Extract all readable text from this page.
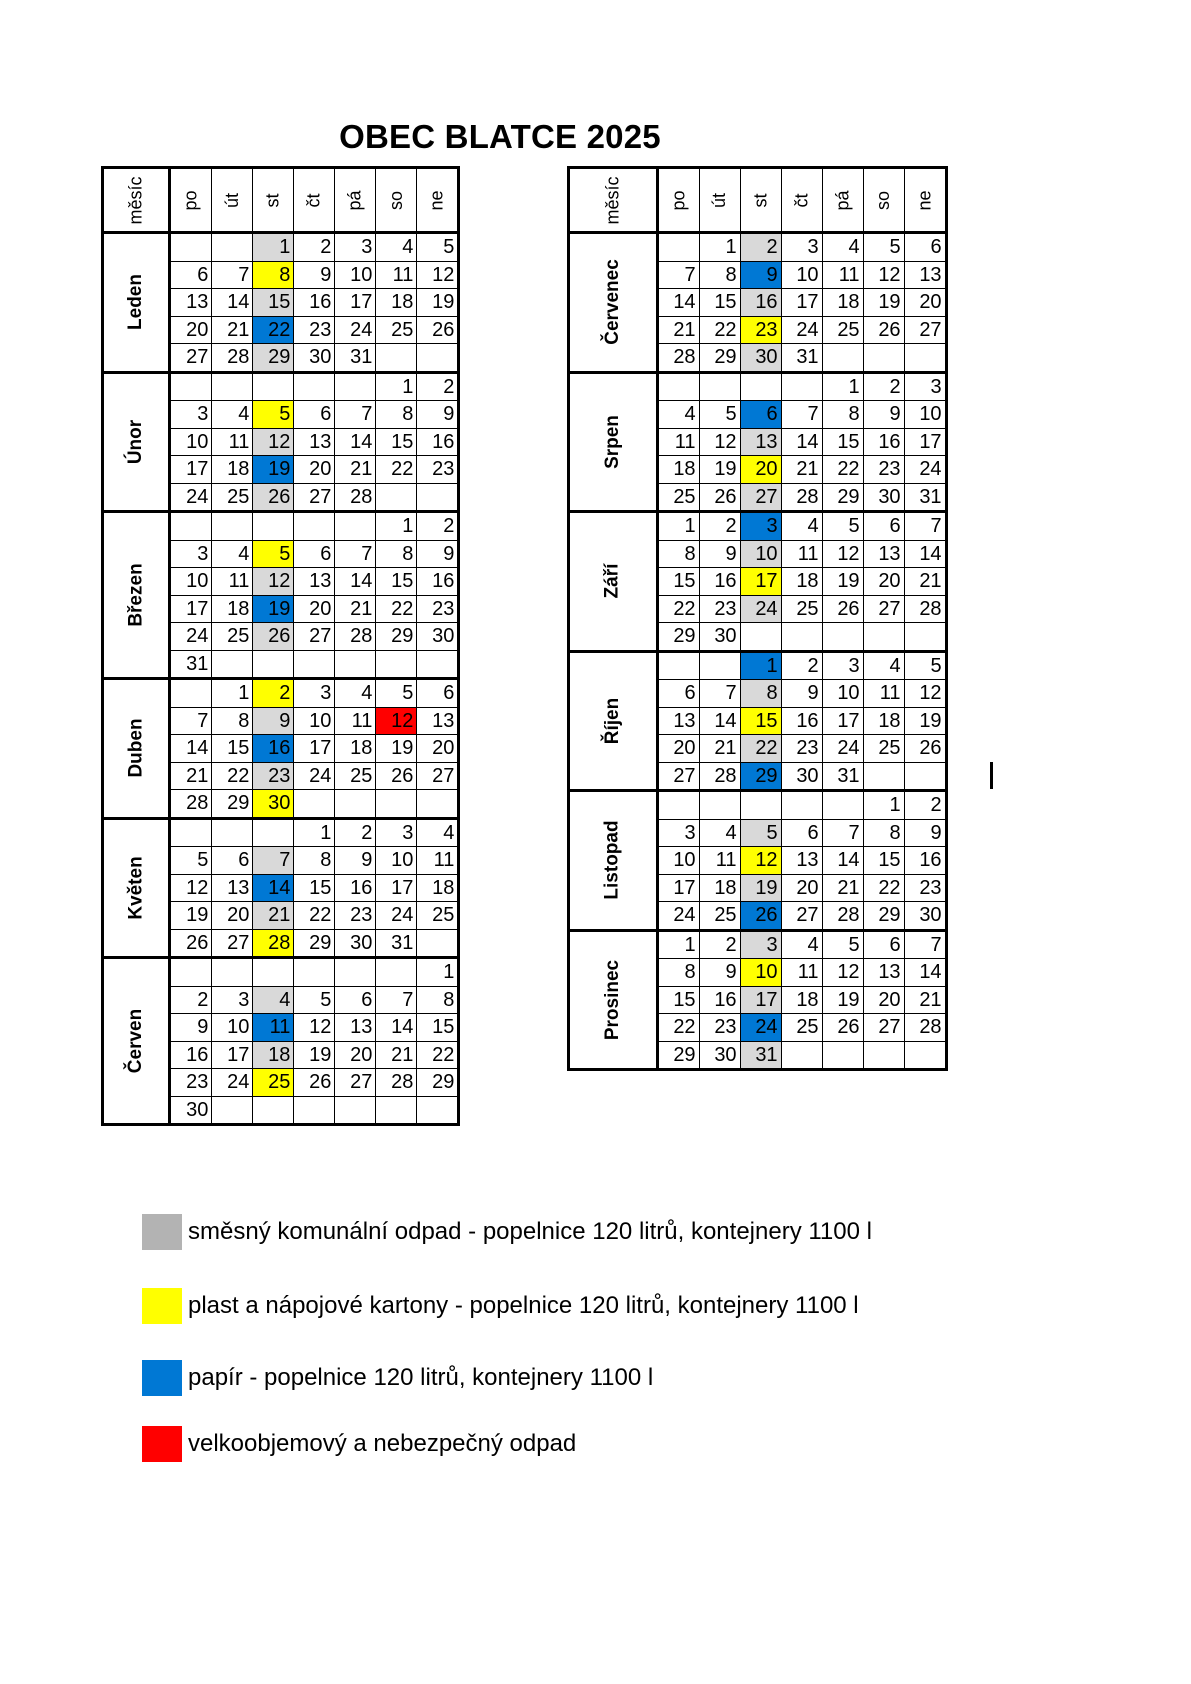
OBEC BLATCE 2025
měsíc	po	út	st	čt	pá	so	ne
Leden			1	2	3	4	5
	6	7	8	9	10	11	12
	13	14	15	16	17	18	19
	20	21	22	23	24	25	26
	27	28	29	30	31		
Únor						1	2
	3	4	5	6	7	8	9
	10	11	12	13	14	15	16
	17	18	19	20	21	22	23
	24	25	26	27	28		
Březen						1	2
	3	4	5	6	7	8	9
	10	11	12	13	14	15	16
	17	18	19	20	21	22	23
	24	25	26	27	28	29	30
	31						
Duben		1	2	3	4	5	6
	7	8	9	10	11	12	13
	14	15	16	17	18	19	20
	21	22	23	24	25	26	27
	28	29	30				
Květen				1	2	3	4
	5	6	7	8	9	10	11
	12	13	14	15	16	17	18
	19	20	21	22	23	24	25
	26	27	28	29	30	31	
Červen							1
	2	3	4	5	6	7	8
	9	10	11	12	13	14	15
	16	17	18	19	20	21	22
	23	24	25	26	27	28	29
	30						
měsíc	po	út	st	čt	pá	so	ne
Červenec		1	2	3	4	5	6
	7	8	9	10	11	12	13
	14	15	16	17	18	19	20
	21	22	23	24	25	26	27
	28	29	30	31			
Srpen					1	2	3
	4	5	6	7	8	9	10
	11	12	13	14	15	16	17
	18	19	20	21	22	23	24
	25	26	27	28	29	30	31
Září	1	2	3	4	5	6	7
	8	9	10	11	12	13	14
	15	16	17	18	19	20	21
	22	23	24	25	26	27	28
	29	30					
Říjen			1	2	3	4	5
	6	7	8	9	10	11	12
	13	14	15	16	17	18	19
	20	21	22	23	24	25	26
	27	28	29	30	31		
Listopad						1	2
	3	4	5	6	7	8	9
	10	11	12	13	14	15	16
	17	18	19	20	21	22	23
	24	25	26	27	28	29	30
Prosinec	1	2	3	4	5	6	7
	8	9	10	11	12	13	14
	15	16	17	18	19	20	21
	22	23	24	25	26	27	28
	29	30	31				
směsný komunální odpad - popelnice 120 litrů, kontejnery 1100 l
plast a nápojové kartony - popelnice 120 litrů, kontejnery 1100 l
papír - popelnice 120 litrů, kontejnery 1100 l
velkoobjemový a nebezpečný odpad
